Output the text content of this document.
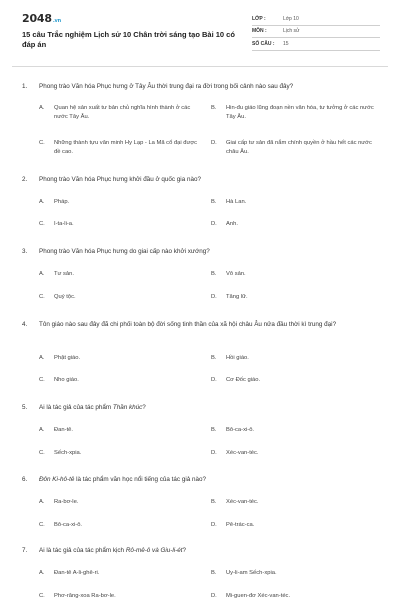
2048.vn
15 câu Trắc nghiệm Lịch sử 10 Chân trời sáng tạo Bài 10 có đáp án
LỚP :	Lớp 10
MÔN :	Lịch sử
SỐ CÂU :	15
1.	Phong trào Văn hóa Phục hưng ở Tây Âu thời trung đại ra đời trong bối cảnh nào sau đây?
A.	Quan hệ sản xuất tư bản chủ nghĩa hình thành ở các nước Tây Âu.
B.	Hin-đu giáo lũng đoạn nền văn hóa, tư tưởng ở các nước Tây Âu.
C.	Những thành tựu văn minh Hy Lạp - La Mã cổ đại được đề cao.
D.	Giai cấp tư sản đã nắm chính quyền ở hầu hết các nước châu Âu.
2.	Phong trào Văn hóa Phục hưng khởi đầu ở quốc gia nào?
A.	Pháp.	B.	Hà Lan.
C.	I-ta-li-a.	D.	Anh.
3.	Phong trào Văn hóa Phục hưng do giai cấp nào khởi xướng?
A.	Tư sản.	B.	Vô sản.
C.	Quý tộc.	D.	Tăng lữ.
4.	Tôn giáo nào sau đây đã chi phối toàn bộ đời sống tinh thần của xã hội châu Âu nửa đầu thời kì trung đại?
A.	Phật giáo.	B.	Hồi giáo.
C.	Nho giáo.	D.	Cơ Đốc giáo.
5.	Ai là tác giả của tác phẩm Thần khúc?
A.	Đan-tê.	B.	Bô-ca-xi-ô.
C.	Sếch-xpia.	D.	Xéc-van-téc.
6.	Đôn Ki-hô-tê là tác phẩm văn học nổi tiếng của tác giả nào?
A.	Ra-bơ-le.	B.	Xéc-van-téc.
C.	Bô-ca-xi-ô.	D.	Pê-trác-ca.
7.	Ai là tác giả của tác phẩm kịch Rô-mê-ô và Giu-li-ét?
A.	Đan-tê A-li-ghê-ri.	B.	Uy-li-am Sếch-xpia.
C.	Phơ-răng-xoa Ra-bơ-le.	D.	Mi-guen-đơ Xéc-van-téc.
